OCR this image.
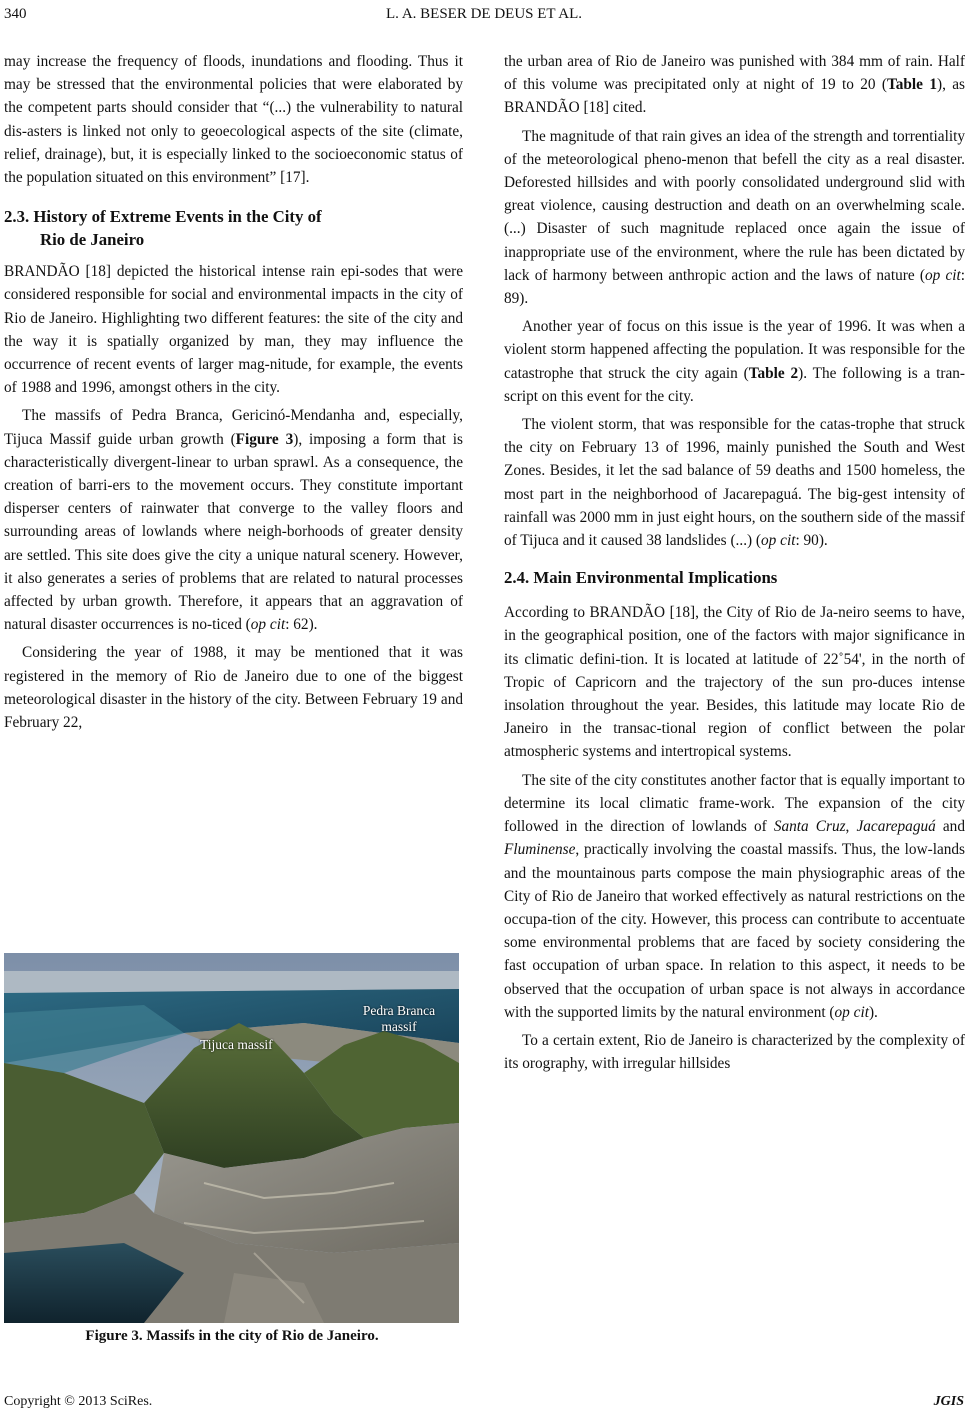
340	L. A. BESER DE DEUS ET AL.

may increase the frequency of floods, inundations and flooding. Thus it may be stressed that the environmental policies that were elaborated by the competent parts should consider that “(...) the vulnerability to natural dis-asters is linked not only to geoecological aspects of the site (climate, relief, drainage), but, it is especially linked to the socioeconomic status of the population situated on this environment” [17].

2.3. History of Extreme Events in the City of
Rio de Janeiro

BRANDÃO [18] depicted the historical intense rain epi-sodes that were considered responsible for social and environmental impacts in the city of Rio de Janeiro. Highlighting two different features: the site of the city and the way it is spatially organized by man, they may influence the occurrence of recent events of larger mag-nitude, for example, the events of 1988 and 1996, amongst others in the city.

The massifs of Pedra Branca, Gericinó-Mendanha and, especially, Tijuca Massif guide urban growth (Figure 3), imposing a form that is characteristically divergent-linear to urban sprawl. As a consequence, the creation of barri-ers to the movement occurs. They constitute important disperser centers of rainwater that converge to the valley floors and surrounding areas of lowlands where neigh-borhoods of greater density are settled. This site does give the city a unique natural scenery. However, it also generates a series of problems that are related to natural processes affected by urban growth. Therefore, it appears that an aggravation of natural disaster occurrences is no-ticed (op cit: 62).

Considering the year of 1988, it may be mentioned that it was registered in the memory of Rio de Janeiro due to one of the biggest meteorological disaster in the history of the city. Between February 19 and February 22,

Pedra Branca
massif
Tijuca massif
Figure 3. Massifs in the city of Rio de Janeiro.

the urban area of Rio de Janeiro was punished with 384 mm of rain. Half of this volume was precipitated only at night of 19 to 20 (Table 1), as BRANDÃO [18] cited.

The magnitude of that rain gives an idea of the strength and torrentiality of the meteorological pheno-menon that befell the city as a real disaster. Deforested hillsides and with poorly consolidated underground slid with great violence, causing destruction and death on an overwhelming scale. (...) Disaster of such magnitude replaced once again the issue of inappropriate use of the environment, where the rule has been dictated by lack of harmony between anthropic action and the laws of nature (op cit: 89).

Another year of focus on this issue is the year of 1996. It was when a violent storm happened affecting the population. It was responsible for the catastrophe that struck the city again (Table 2). The following is a tran-script on this event for the city.

The violent storm, that was responsible for the catas-trophe that struck the city on February 13 of 1996, mainly punished the South and West Zones. Besides, it let the sad balance of 59 deaths and 1500 homeless, the most part in the neighborhood of Jacarepaguá. The big-gest intensity of rainfall was 2000 mm in just eight hours, on the southern side of the massif of Tijuca and it caused 38 landslides (...) (op cit: 90).

2.4. Main Environmental Implications

According to BRANDÃO [18], the City of Rio de Ja-neiro seems to have, in the geographical position, one of the factors with major significance in its climatic defini-tion. It is located at latitude of 22˚54', in the north of Tropic of Capricorn and the trajectory of the sun pro-duces intense insolation throughout the year. Besides, this latitude may locate Rio de Janeiro in the transac-tional region of conflict between the polar atmospheric systems and intertropical systems.

The site of the city constitutes another factor that is equally important to determine its local climatic frame-work. The expansion of the city followed in the direction of lowlands of Santa Cruz, Jacarepaguá and Fluminense, practically involving the coastal massifs. Thus, the low-lands and the mountainous parts compose the main physiographic areas of the City of Rio de Janeiro that worked effectively as natural restrictions on the occupa-tion of the city. However, this process can contribute to accentuate some environmental problems that are faced by society considering the fast occupation of urban space. In relation to this aspect, it needs to be observed that the occupation of urban space is not always in accordance with the supported limits by the natural environment (op cit).

To a certain extent, Rio de Janeiro is characterized by the complexity of its orography, with irregular hillsides

Copyright © 2013 SciRes.	JGIS
